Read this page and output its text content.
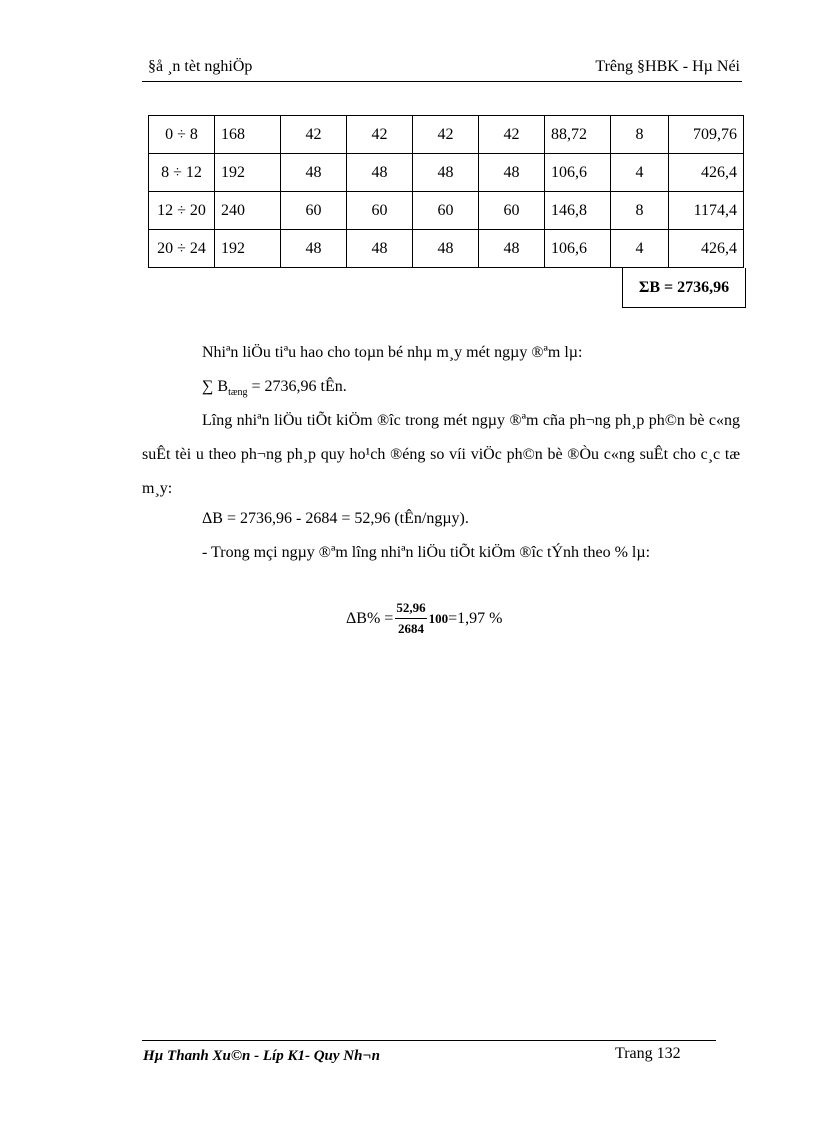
§å ¸n tèt nghiÖp	Trêng §HBK - Hµ Néi
0 ÷ 8	168	42	42	42	42	88,72	8	709,76
8 ÷ 12	192	48	48	48	48	106,6	4	426,4
12 ÷ 20	240	60	60	60	60	146,8	8	1174,4
20 ÷ 24	192	48	48	48	48	106,6	4	426,4
ΣB = 2736,96
Nhiªn liÖu tiªu hao cho toµn bé nhµ m¸y mét ngµy ®ªm lµ:
∑ $B_{tæng} = 2736,96$ tÊn.
Lîng nhiªn liÖu tiÕt kiÖm ®îc trong mét ngµy ®ªm cña ph¬ng ph¸p ph©n bè c«ng suÊt tèi u theo ph¬ng ph¸p quy ho¹ch ®éng so víi viÖc ph©n bè ®Òu c«ng suÊt cho c¸c tæ m¸y:
ΔB = 2736,96 - 2684 = 52,96 (tÊn/ngµy).
- Trong mçi ngµy ®ªm lîng nhiªn liÖu tiÕt kiÖm ®îc tÝnh theo % lµ:
$\Delta B\% = \frac{52,96}{2684} 100 =1,97$ %
Hµ Thanh Xu©n - Líp K1- Quy Nh¬n	Trang 132
